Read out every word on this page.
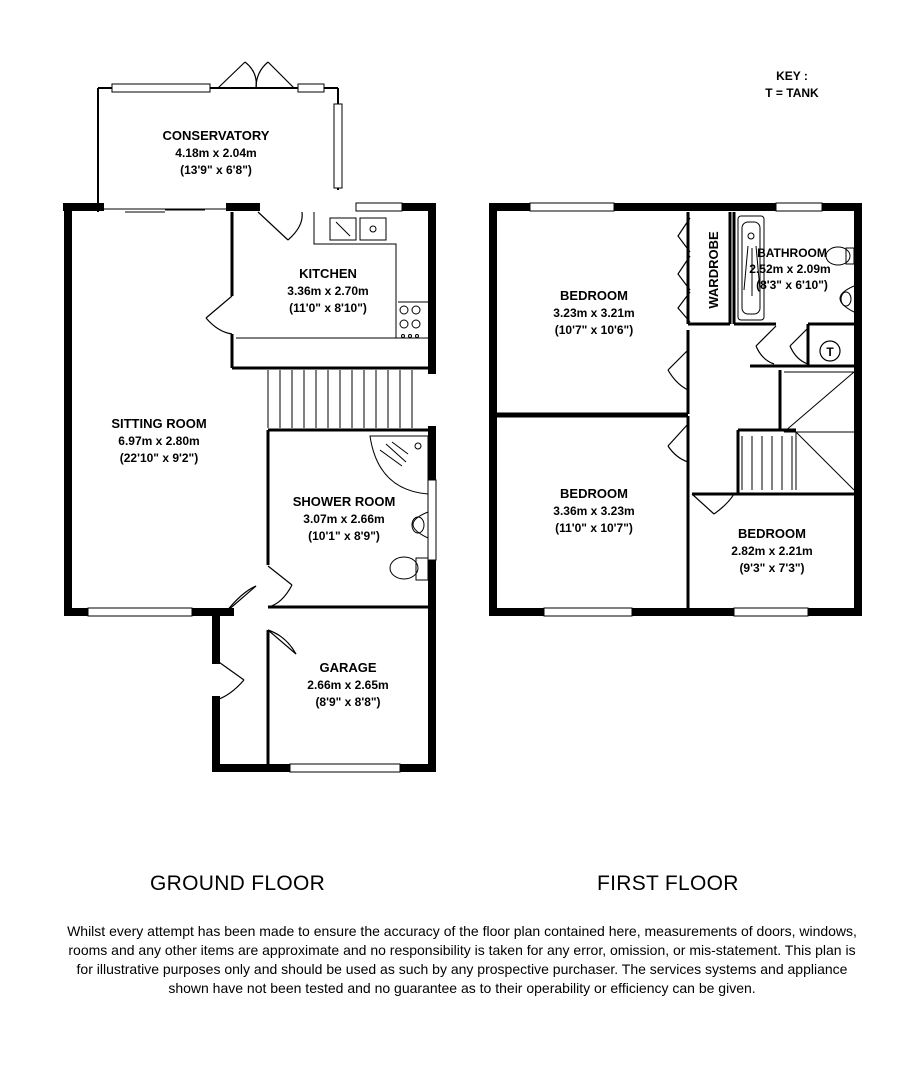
CONSERVATORY
4.18m x 2.04m
(13'9" x 6'8")
KITCHEN
3.36m x 2.70m
(11'0" x 8'10")
SITTING ROOM
6.97m x 2.80m
(22'10" x 9'2")
SHOWER ROOM
3.07m x 2.66m
(10'1" x 8'9")
GARAGE
2.66m x 2.65m
(8'9" x 8'8")
BEDROOM
3.23m x 3.21m
(10'7" x 10'6")
WARDROBE	BATHROOM
2.52m x 2.09m
(8'3" x 6'10")
BEDROOM
3.36m x 3.23m
(11'0" x 10'7")	BEDROOM
2.82m x 2.21m
(9'3" x 7'3")
T
KEY :
T = TANK
GROUND FLOOR	FIRST FLOOR
Whilst every attempt has been made to ensure the accuracy of the floor plan contained here, measurements of doors, windows, rooms and any other items are approximate and no responsibility is taken for any error, omission, or mis-statement. This plan is for illustrative purposes only and should be used as such by any prospective purchaser. The services systems and appliance shown have not been tested and no guarantee as to their operability or efficiency can be given.
